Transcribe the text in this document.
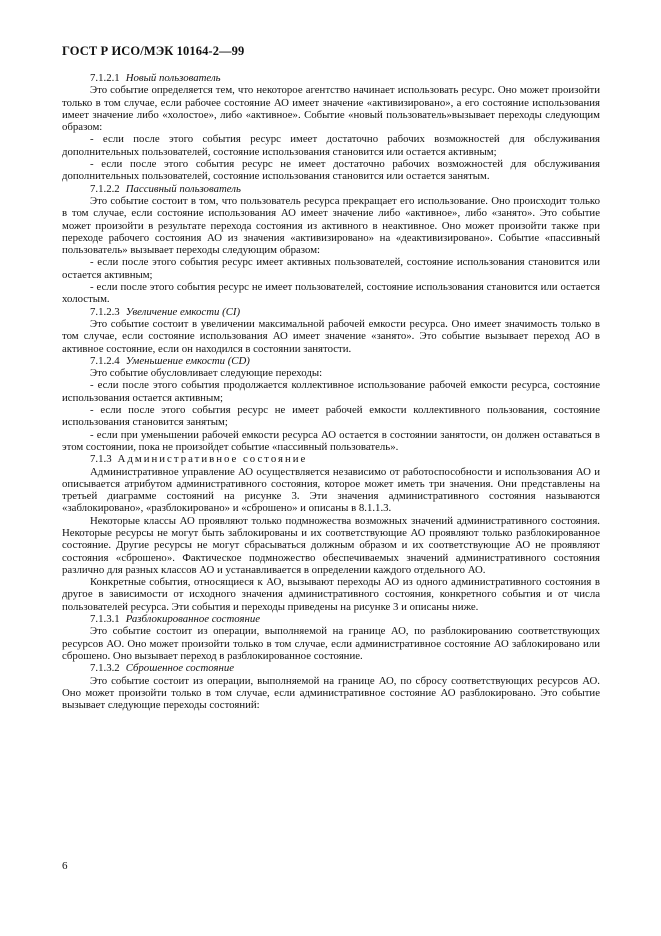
ГОСТ Р ИСО/МЭК 10164-2—99

7.1.2.1 Новый пользователь

Это событие определяется тем, что некоторое агентство начинает использовать ресурс. Оно может произойти только в том случае, если рабочее состояние АО имеет значение «активизировано», а его состояние использования имеет значение либо «холостое», либо «активное». Событие «новый пользователь»вызывает переходы следующим образом:

- если после этого события ресурс имеет достаточно рабочих возможностей для обслуживания дополнительных пользователей, состояние использования становится или остается активным;

- если после этого события ресурс не имеет достаточно рабочих возможностей для обслуживания дополнительных пользователей, состояние использования становится или остается занятым.

7.1.2.2 Пассивный пользователь

Это событие состоит в том, что пользователь ресурса прекращает его использование. Оно происходит только в том случае, если состояние использования АО имеет значение либо «активное», либо «занято». Это событие может произойти в результате перехода состояния из активного в неактивное. Оно может произойти также при переходе рабочего состояния АО из значения «активизировано» на «деактивизировано». Событие «пассивный пользователь» вызывает переходы следующим образом:

- если после этого события ресурс имеет активных пользователей, состояние использования становится или остается активным;

- если после этого события ресурс не имеет пользователей, состояние использования становится или остается холостым.

7.1.2.3 Увеличение емкости (CI)

Это событие состоит в увеличении максимальной рабочей емкости ресурса. Оно имеет значимость только в том случае, если состояние использования АО имеет значение «занято». Это событие вызывает переход АО в активное состояние, если он находился в состоянии занятости.

7.1.2.4 Уменьшение емкости (CD)

Это событие обусловливает следующие переходы:

- если после этого события продолжается коллективное использование рабочей емкости ресурса, состояние использования остается активным;

- если после этого события ресурс не имеет рабочей емкости коллективного пользования, состояние использования становится занятым;

- если при уменьшении рабочей емкости ресурса АО остается в состоянии занятости, он должен оставаться в этом состоянии, пока не произойдет событие «пассивный пользователь».

7.1.3 Административное состояние

Административное управление АО осуществляется независимо от работоспособности и использования АО и описывается атрибутом административного состояния, которое может иметь три значения. Они представлены на третьей диаграмме состояний на рисунке 3. Эти значения административного состояния называются «заблокировано», «разблокировано» и «сброшено» и описаны в 8.1.1.3.

Некоторые классы АО проявляют только подмножества возможных значений административного состояния. Некоторые ресурсы не могут быть заблокированы и их соответствующие АО проявляют только разблокированное состояние. Другие ресурсы не могут сбрасываться должным образом и их соответствующие АО не проявляют состояния «сброшено». Фактическое подмножество обеспечиваемых значений административного состояния различно для разных классов АО и устанавливается в определении каждого отдельного АО.

Конкретные события, относящиеся к АО, вызывают переходы АО из одного административного состояния в другое в зависимости от исходного значения административного состояния, конкретного события и от числа пользователей ресурса. Эти события и переходы приведены на рисунке 3 и описаны ниже.

7.1.3.1 Разблокированное состояние

Это событие состоит из операции, выполняемой на границе АО, по разблокированию соответствующих ресурсов АО. Оно может произойти только в том случае, если административное состояние АО заблокировано или сброшено. Оно вызывает переход в разблокированное состояние.

7.1.3.2 Сброшенное состояние

Это событие состоит из операции, выполняемой на границе АО, по сбросу соответствующих ресурсов АО. Оно может произойти только в том случае, если административное состояние АО разблокировано. Это событие вызывает следующие переходы состояний:

6
